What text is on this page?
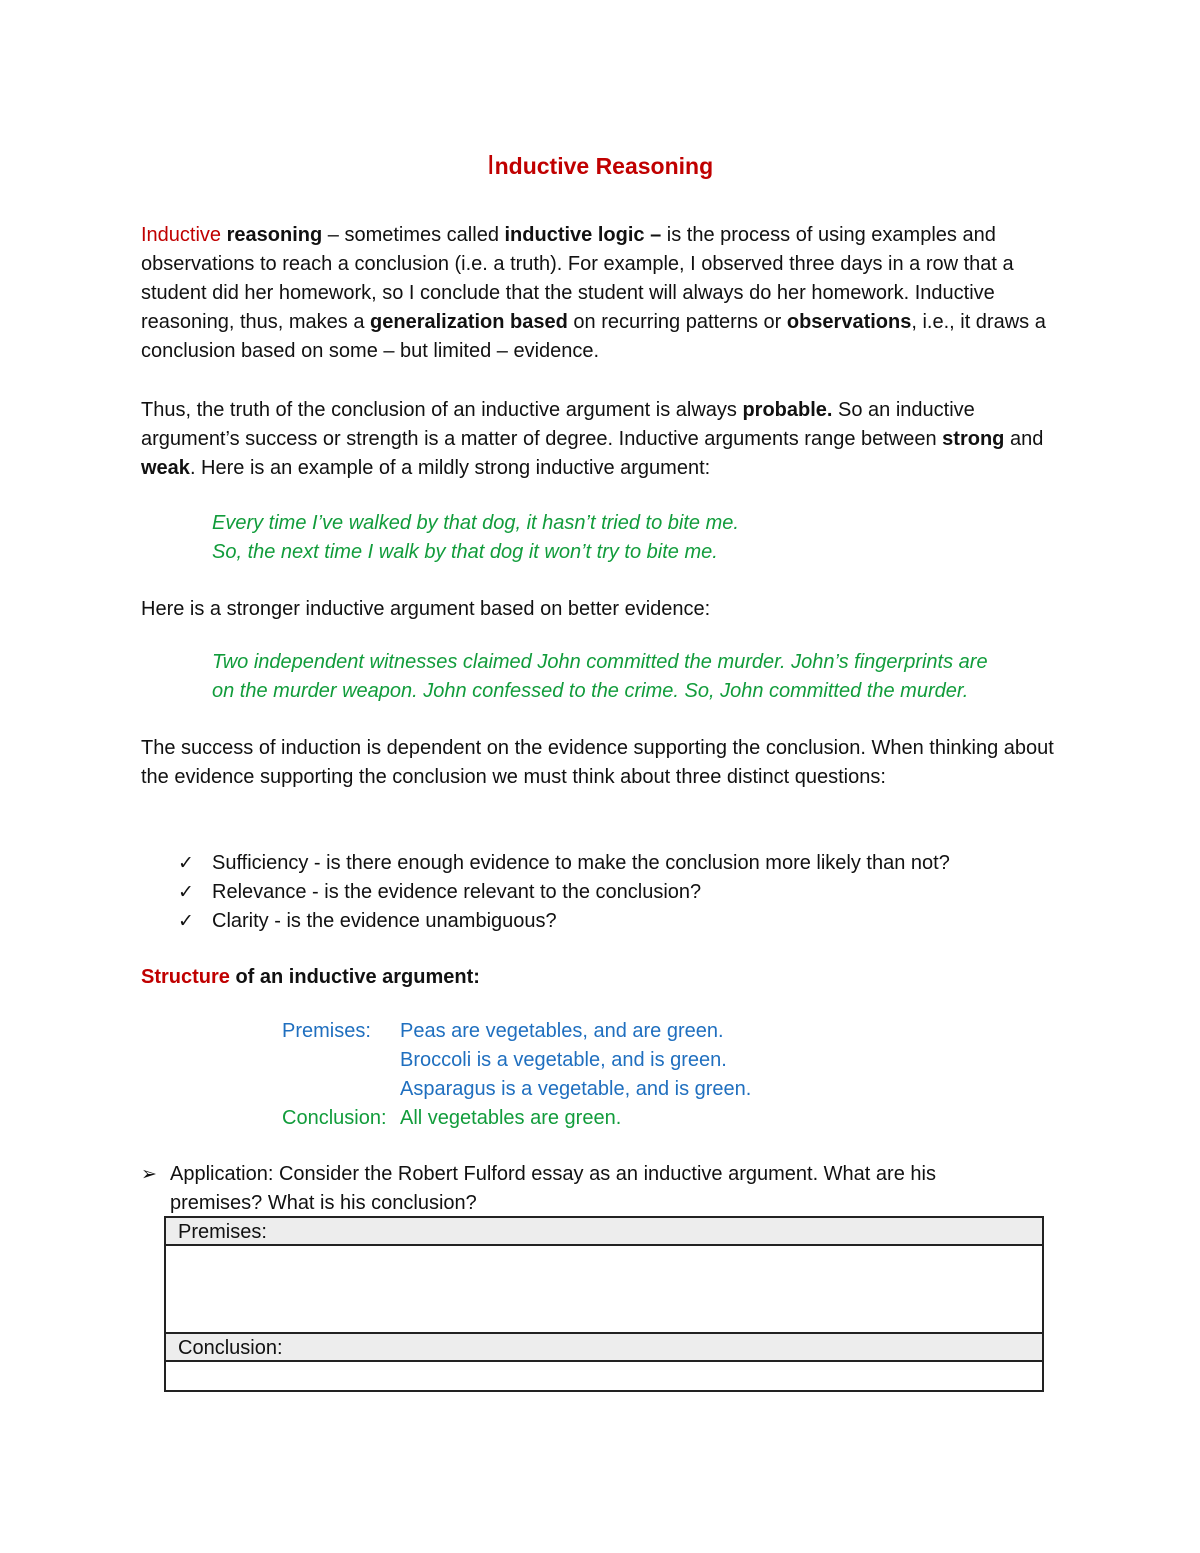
Inductive Reasoning
Inductive reasoning – sometimes called inductive logic – is the process of using examples and observations to reach a conclusion (i.e. a truth). For example, I observed three days in a row that a student did her homework, so I conclude that the student will always do her homework. Inductive reasoning, thus, makes a generalization based on recurring patterns or observations, i.e., it draws a conclusion based on some – but limited – evidence.
Thus, the truth of the conclusion of an inductive argument is always probable. So an inductive argument’s success or strength is a matter of degree. Inductive arguments range between strong and weak. Here is an example of a mildly strong inductive argument:
Every time I’ve walked by that dog, it hasn’t tried to bite me.
So, the next time I walk by that dog it won’t try to bite me.
Here is a stronger inductive argument based on better evidence:
Two independent witnesses claimed John committed the murder. John’s fingerprints are
on the murder weapon. John confessed to the crime. So, John committed the murder.
The success of induction is dependent on the evidence supporting the conclusion. When thinking about the evidence supporting the conclusion we must think about three distinct questions:
✓ Sufficiency - is there enough evidence to make the conclusion more likely than not?
✓ Relevance - is the evidence relevant to the conclusion?
✓ Clarity - is the evidence unambiguous?
Structure of an inductive argument:
Premises:	Peas are vegetables, and are green.
Broccoli is a vegetable, and is green.
Asparagus is a vegetable, and is green.
Conclusion: All vegetables are green.
➢ Application: Consider the Robert Fulford essay as an inductive argument. What are his premises? What is his conclusion?
Premises:
Conclusion:
